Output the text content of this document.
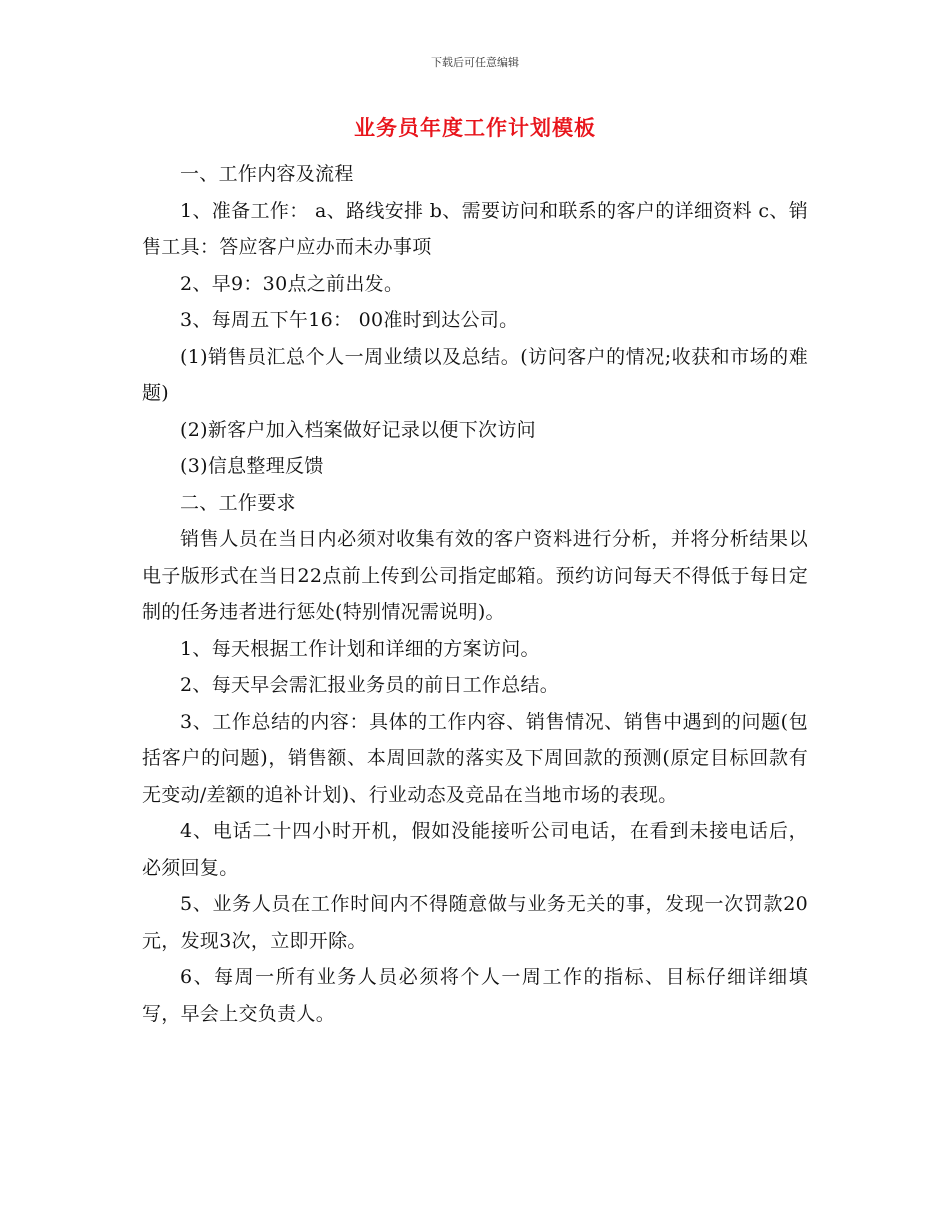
下载后可任意编辑
业务员年度工作计划模板

一、工作内容及流程

1、准备工作： a、路线安排 b、需要访问和联系的客户的详细资料 c、销售工具：答应客户应办而未办事项

2、早9：30点之前出发。

3、每周五下午16： 00准时到达公司。

(1)销售员汇总个人一周业绩以及总结。(访问客户的情况;收获和市场的难题)

(2)新客户加入档案做好记录以便下次访问

(3)信息整理反馈

二、工作要求

销售人员在当日内必须对收集有效的客户资料进行分析，并将分析结果以电子版形式在当日22点前上传到公司指定邮箱。预约访问每天不得低于每日定制的任务违者进行惩处(特别情况需说明)。

1、每天根据工作计划和详细的方案访问。

2、每天早会需汇报业务员的前日工作总结。

3、工作总结的内容：具体的工作内容、销售情况、销售中遇到的问题(包括客户的问题)，销售额、本周回款的落实及下周回款的预测(原定目标回款有无变动/差额的追补计划)、行业动态及竞品在当地市场的表现。

4、电话二十四小时开机，假如没能接听公司电话，在看到未接电话后，必须回复。

5、业务人员在工作时间内不得随意做与业务无关的事，发现一次罚款20元，发现3次，立即开除。

6、每周一所有业务人员必须将个人一周工作的指标、目标仔细详细填写，早会上交负责人。
